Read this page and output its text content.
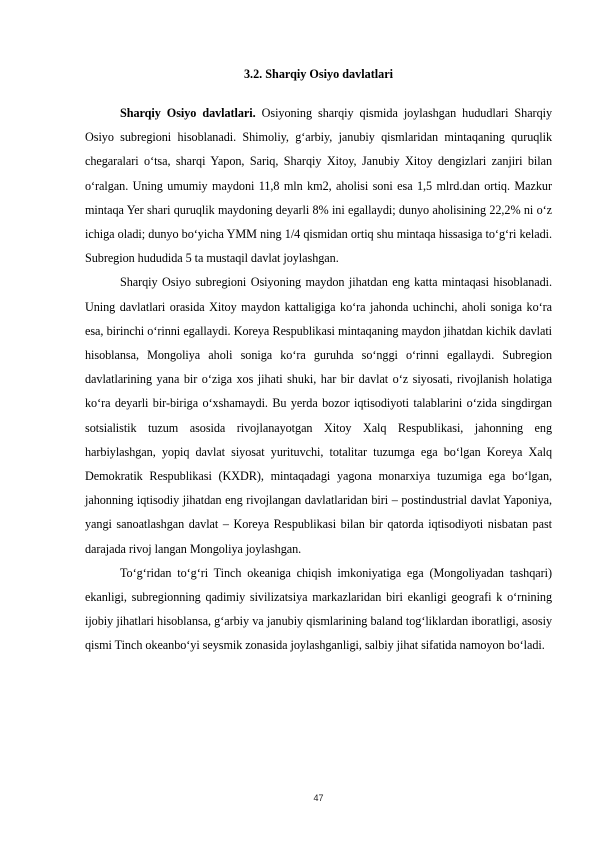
3.2. Sharqiy Osiyo davlatlari

Sharqiy Osiyo davlatlari. Osiyoning sharqiy qismida joylashgan hududlari Sharqiy Osiyo subregioni hisoblanadi. Shimoliy, g‘arbiy, janubiy qismlaridan mintaqaning quruqlik chegaralari o‘tsa, sharqi Yapon, Sariq, Sharqiy Xitoy, Janubiy Xitoy dengizlari zanjiri bilan o‘ralgan. Uning umumiy maydoni 11,8 mln km2, aholisi soni esa 1,5 mlrd.dan ortiq. Mazkur mintaqa Yer shari quruqlik maydoning deyarli 8% ini egallaydi; dunyo aholisining 22,2% ni o‘z ichiga oladi; dunyo bo‘yicha YMM ning 1/4 qismidan ortiq shu mintaqa hissasiga to‘g‘ri keladi. Subregion hududida 5 ta mustaqil davlat joylashgan.

Sharqiy Osiyo subregioni Osiyoning maydon jihatdan eng katta mintaqasi hisoblanadi. Uning davlatlari orasida Xitoy maydon kattaligiga ko‘ra jahonda uchinchi, aholi soniga ko‘ra esa, birinchi o‘rinni egallaydi. Koreya Respublikasi mintaqaning maydon jihatdan kichik davlati hisoblansa, Mongoliya aholi soniga ko‘ra guruhda so‘nggi o‘rinni egallaydi. Subregion davlatlarining yana bir o‘ziga xos jihati shuki, har bir davlat o‘z siyosati, rivojlanish holatiga ko‘ra deyarli bir-biriga o‘xshamaydi. Bu yerda bozor iqtisodiyoti talablarini o‘zida singdirgan sotsialistik tuzum asosida rivojlanayotgan Xitoy Xalq Respublikasi, jahonning eng harbiylashgan, yopiq davlat siyosat yurituvchi, totalitar tuzumga ega bo‘lgan Koreya Xalq Demokratik Respublikasi (KXDR), mintaqadagi yagona monarxiya tuzumiga ega bo‘lgan, jahonning iqtisodiy jihatdan eng rivojlangan davlatlaridan biri – postindustrial davlat Yaponiya, yangi sanoatlashgan davlat – Koreya Respublikasi bilan bir qatorda iqtisodiyoti nisbatan past darajada rivoj langan Mongoliya joylashgan.

To‘g‘ridan to‘g‘ri Tinch okeaniga chiqish imkoniyatiga ega (Mongoliyadan tashqari) ekanligi, subregionning qadimiy sivilizatsiya markazlaridan biri ekanligi geografi k o‘rnining ijobiy jihatlari hisoblansa, g‘arbiy va janubiy qismlarining baland tog‘liklardan iboratligi, asosiy qismi Tinch okeanbo‘yi seysmik zonasida joylashganligi, salbiy jihat sifatida namoyon bo‘ladi.

47
